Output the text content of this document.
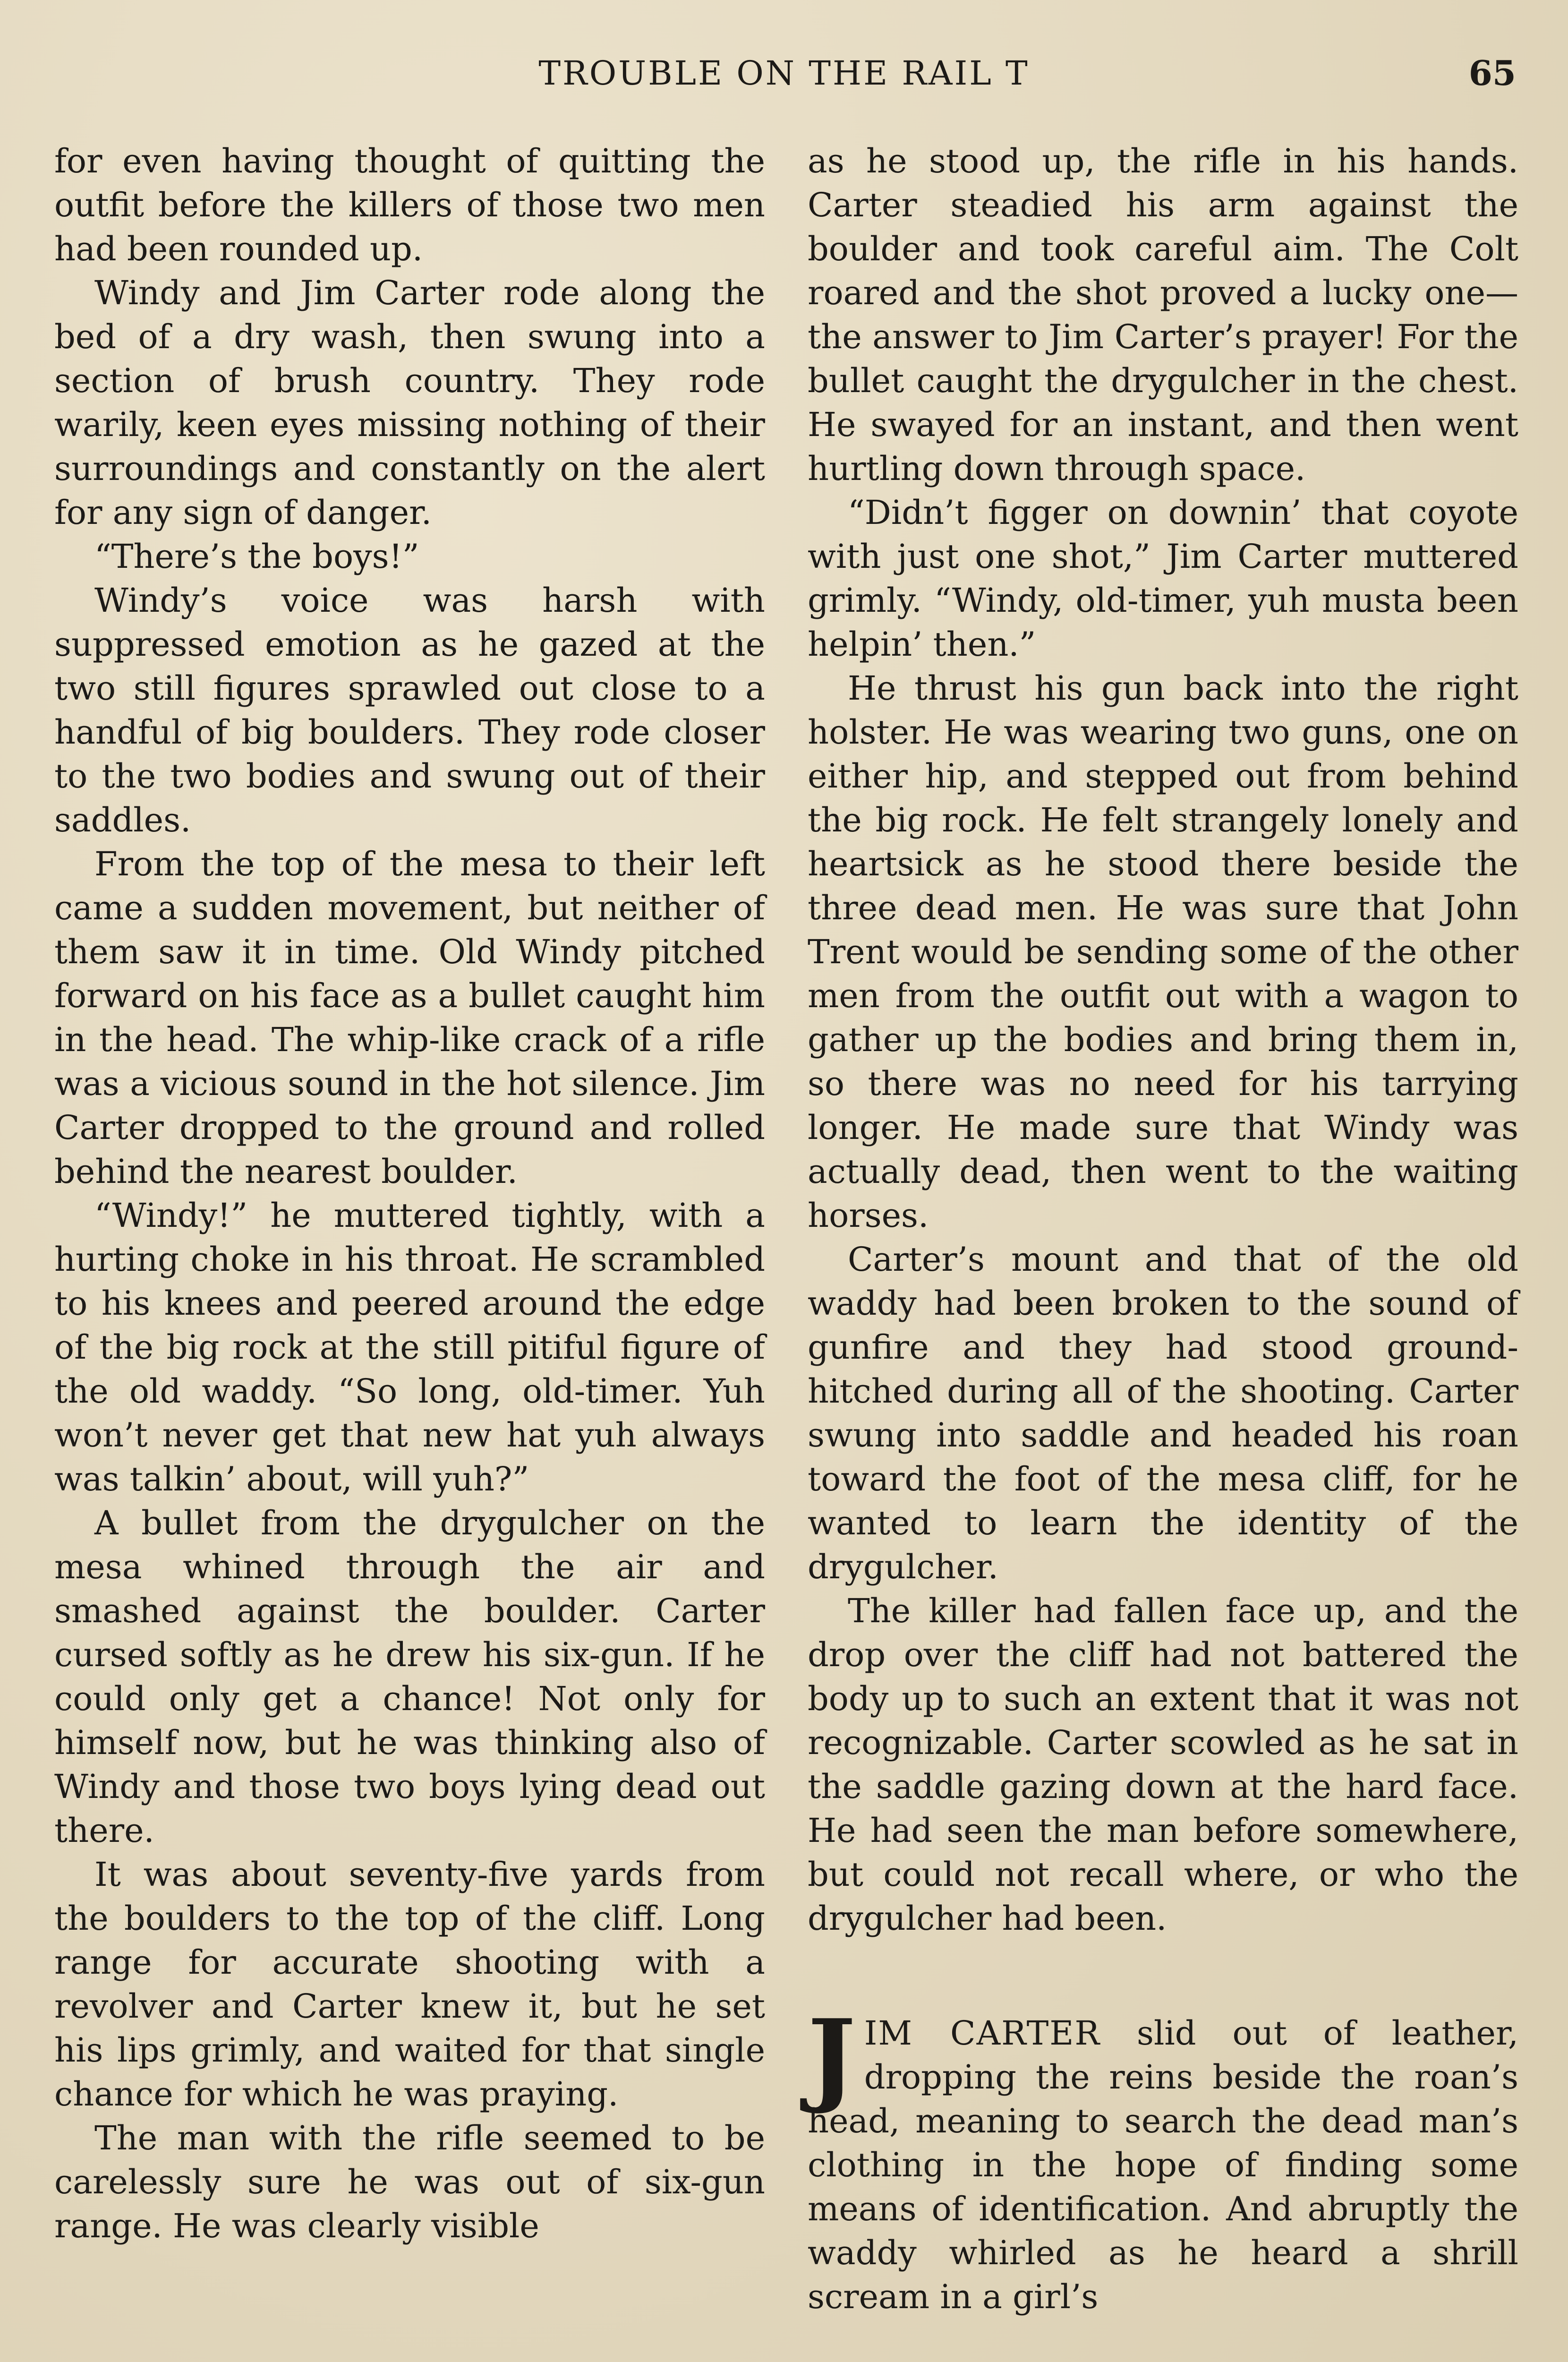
TROUBLE ON THE RAIL T	65

for even having thought of quitting the outfit before the killers of those two men had been rounded up.

Windy and Jim Carter rode along the bed of a dry wash, then swung into a section of brush country. They rode warily, keen eyes missing nothing of their surroundings and constantly on the alert for any sign of danger.

“There’s the boys!”

Windy’s voice was harsh with suppressed emotion as he gazed at the two still figures sprawled out close to a handful of big boulders. They rode closer to the two bodies and swung out of their saddles.

From the top of the mesa to their left came a sudden movement, but neither of them saw it in time. Old Windy pitched forward on his face as a bullet caught him in the head. The whip-like crack of a rifle was a vicious sound in the hot silence. Jim Carter dropped to the ground and rolled behind the nearest boulder.

“Windy!” he muttered tightly, with a hurting choke in his throat. He scrambled to his knees and peered around the edge of the big rock at the still pitiful figure of the old waddy. “So long, old-timer. Yuh won’t never get that new hat yuh always was talkin’ about, will yuh?”

A bullet from the drygulcher on the mesa whined through the air and smashed against the boulder. Carter cursed softly as he drew his six-gun. If he could only get a chance! Not only for himself now, but he was thinking also of Windy and those two boys lying dead out there.

It was about seventy-five yards from the boulders to the top of the cliff. Long range for accurate shooting with a revolver and Carter knew it, but he set his lips grimly, and waited for that single chance for which he was praying.

The man with the rifle seemed to be carelessly sure he was out of six-gun range. He was clearly visible

as he stood up, the rifle in his hands. Carter steadied his arm against the boulder and took careful aim. The Colt roared and the shot proved a lucky one—the answer to Jim Carter’s prayer! For the bullet caught the drygulcher in the chest. He swayed for an instant, and then went hurtling down through space.

“Didn’t figger on downin’ that coyote with just one shot,” Jim Carter muttered grimly. “Windy, old-timer, yuh musta been helpin’ then.”

He thrust his gun back into the right holster. He was wearing two guns, one on either hip, and stepped out from behind the big rock. He felt strangely lonely and heartsick as he stood there beside the three dead men. He was sure that John Trent would be sending some of the other men from the outfit out with a wagon to gather up the bodies and bring them in, so there was no need for his tarrying longer. He made sure that Windy was actually dead, then went to the waiting horses.

Carter’s mount and that of the old waddy had been broken to the sound of gunfire and they had stood ground-hitched during all of the shooting. Carter swung into saddle and headed his roan toward the foot of the mesa cliff, for he wanted to learn the identity of the drygulcher.

The killer had fallen face up, and the drop over the cliff had not battered the body up to such an extent that it was not recognizable. Carter scowled as he sat in the saddle gazing down at the hard face. He had seen the man before somewhere, but could not recall where, or who the drygulcher had been.

JIM CARTER slid out of leather, dropping the reins beside the roan’s head, meaning to search the dead man’s clothing in the hope of finding some means of identification. And abruptly the waddy whirled as he heard a shrill scream in a girl’s
